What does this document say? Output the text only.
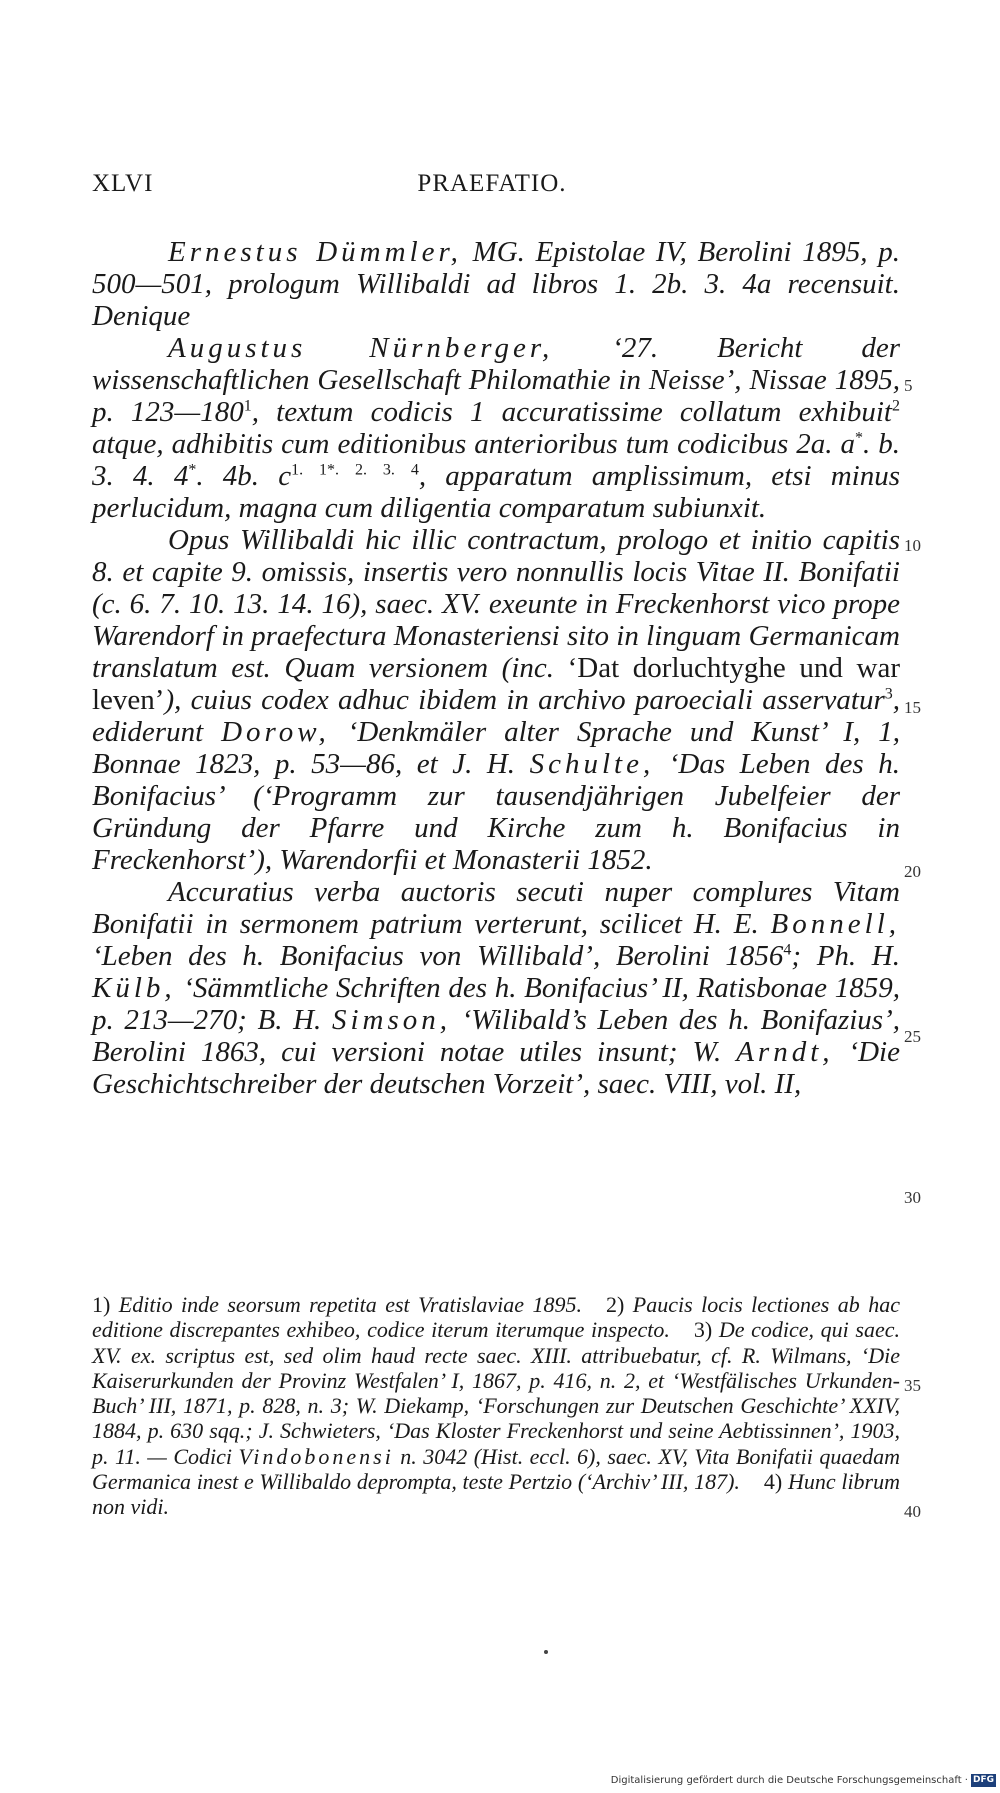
XLVI	PRAEFATIO.

Ernestus Dümmler, MG. Epistolae IV, Berolini 1895, p. 500—501, prologum Willibaldi ad libros 1. 2b. 3. 4a recensuit. Denique

Augustus Nürnberger, ‘27. Bericht der wissenschaftlichen Gesellschaft Philomathie in Neisse’, Nissae 1895, p. $123—180^1$, textum codicis 1 accuratissime collatum exhibuit$^2$ atque, adhibitis cum editionibus anterioribus tum codicibus 2a. a*. b. 3. 4. 4*. 4b. $c^{1. 1*. 2. 3. 4}$, apparatum amplissimum, etsi minus perlucidum, magna cum diligentia comparatum subiunxit.

Opus Willibaldi hic illic contractum, prologo et initio capitis 8. et capite 9. omissis, insertis vero nonnullis locis Vitae II. Bonifatii (c. 6. 7. 10. 13. 14. 16), saec. XV. exeunte in Freckenhorst vico prope Warendorf in praefectura Monasteriensi sito in linguam Germanicam translatum est. Quam versionem (inc. ‘Dat dorluchtyghe und war leven’), cuius codex adhuc ibidem in archivo paroeciali asservatur$^3$, ediderunt Dorow, ‘Denkmäler alter Sprache und Kunst’ I, 1, Bonnae 1823, p. 53—86, et J. H. Schulte, ‘Das Leben des h. Bonifacius’ (‘Programm zur tausendjährigen Jubelfeier der Gründung der Pfarre und Kirche zum h. Bonifacius in Freckenhorst’), Warendorfii et Monasterii 1852.

Accuratius verba auctoris secuti nuper complures Vitam Bonifatii in sermonem patrium verterunt, scilicet H. E. Bonnell, ‘Leben des h. Bonifacius von Willibald’, Berolini 1856$^4$; Ph. H. Külb, ‘Sämmtliche Schriften des h. Bonifacius’ II, Ratisbonae 1859, p. 213—270; B. H. Simson, ‘Wilibald’s Leben des h. Bonifazius’, Berolini 1863, cui versioni notae utiles insunt; W. Arndt, ‘Die Geschichtschreiber der deutschen Vorzeit’, saec. VIII, vol. II,

5
10
15
20
25
30
35
40
1) Editio inde seorsum repetita est Vratislaviae 1895. 2) Paucis locis lectiones ab hac editione discrepantes exhibeo, codice iterum iterumque inspecto. 3) De codice, qui saec. XV. ex. scriptus est, sed olim haud recte saec. XIII. attribuebatur, cf. R. Wilmans, ‘Die Kaiserurkunden der Provinz Westfalen’ I, 1867, p. 416, n. 2, et ‘Westfälisches Urkunden-Buch’ III, 1871, p. 828, n. 3; W. Diekamp, ‘Forschungen zur Deutschen Geschichte’ XXIV, 1884, p. 630 sqq.; J. Schwieters, ‘Das Kloster Freckenhorst und seine Aebtissinnen’, 1903, p. 11. — Codici Vindobonensi n. 3042 (Hist. eccl. 6), saec. XV, Vita Bonifatii quaedam Germanica inest e Willibaldo deprompta, teste Pertzio (‘Archiv’ III, 187). 4) Hunc librum non vidi.
Digitalisierung gefördert durch die Deutsche Forschungsgemeinschaft · DFG
